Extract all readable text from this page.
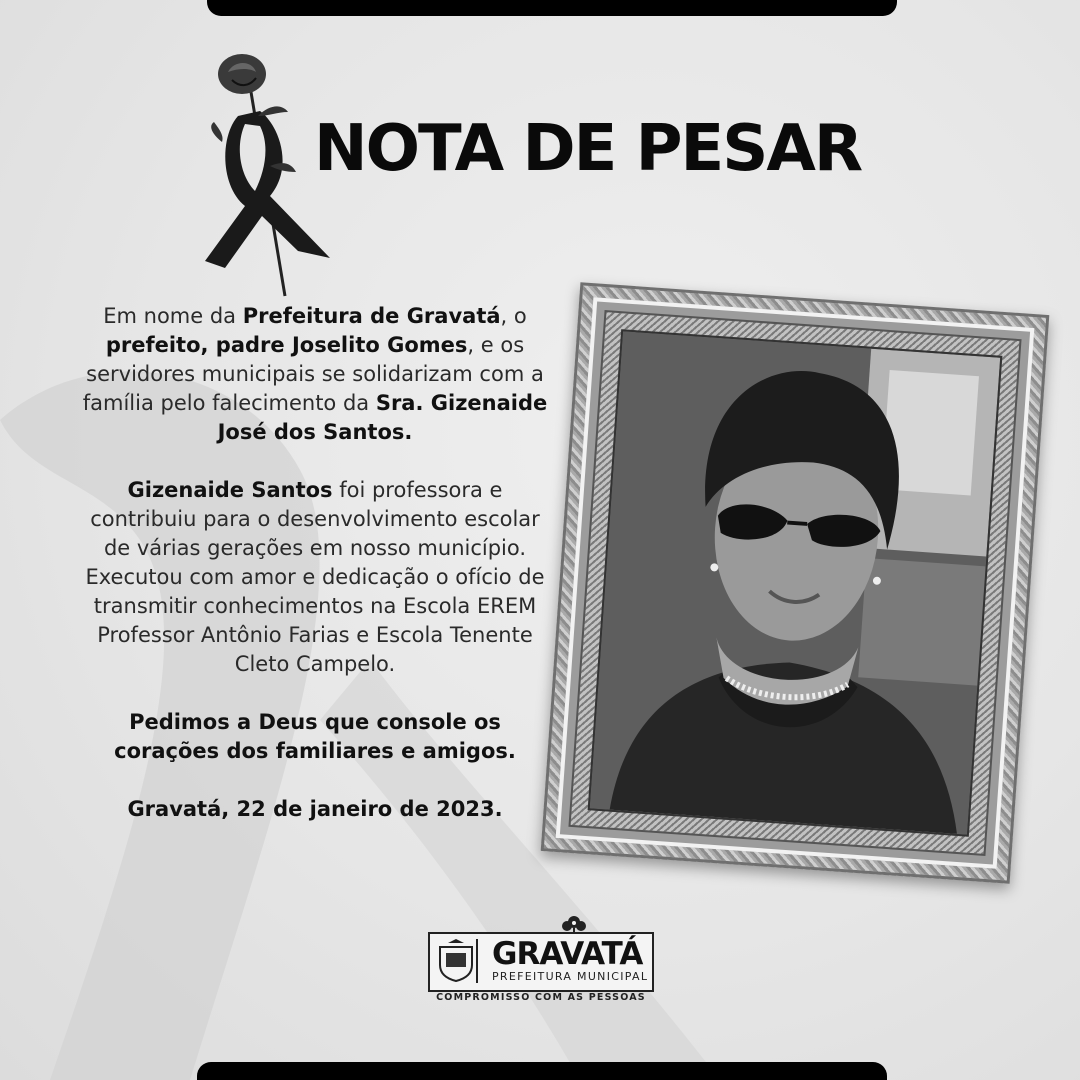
NOTA DE PESAR

Em nome da Prefeitura de Gravatá, o prefeito, padre Joselito Gomes, e os servidores municipais se solidarizam com a família pelo falecimento da Sra. Gizenaide José dos Santos.

Gizenaide Santos foi professora e contribuiu para o desenvolvimento escolar de várias gerações em nosso município. Executou com amor e dedicação o ofício de transmitir conhecimentos na Escola EREM Professor Antônio Farias e Escola Tenente Cleto Campelo.

Pedimos a Deus que console os corações dos familiares e amigos.

Gravatá, 22 de janeiro de 2023.

GRAVATÁ
PREFEITURA MUNICIPAL
COMPROMISSO COM AS PESSOAS
